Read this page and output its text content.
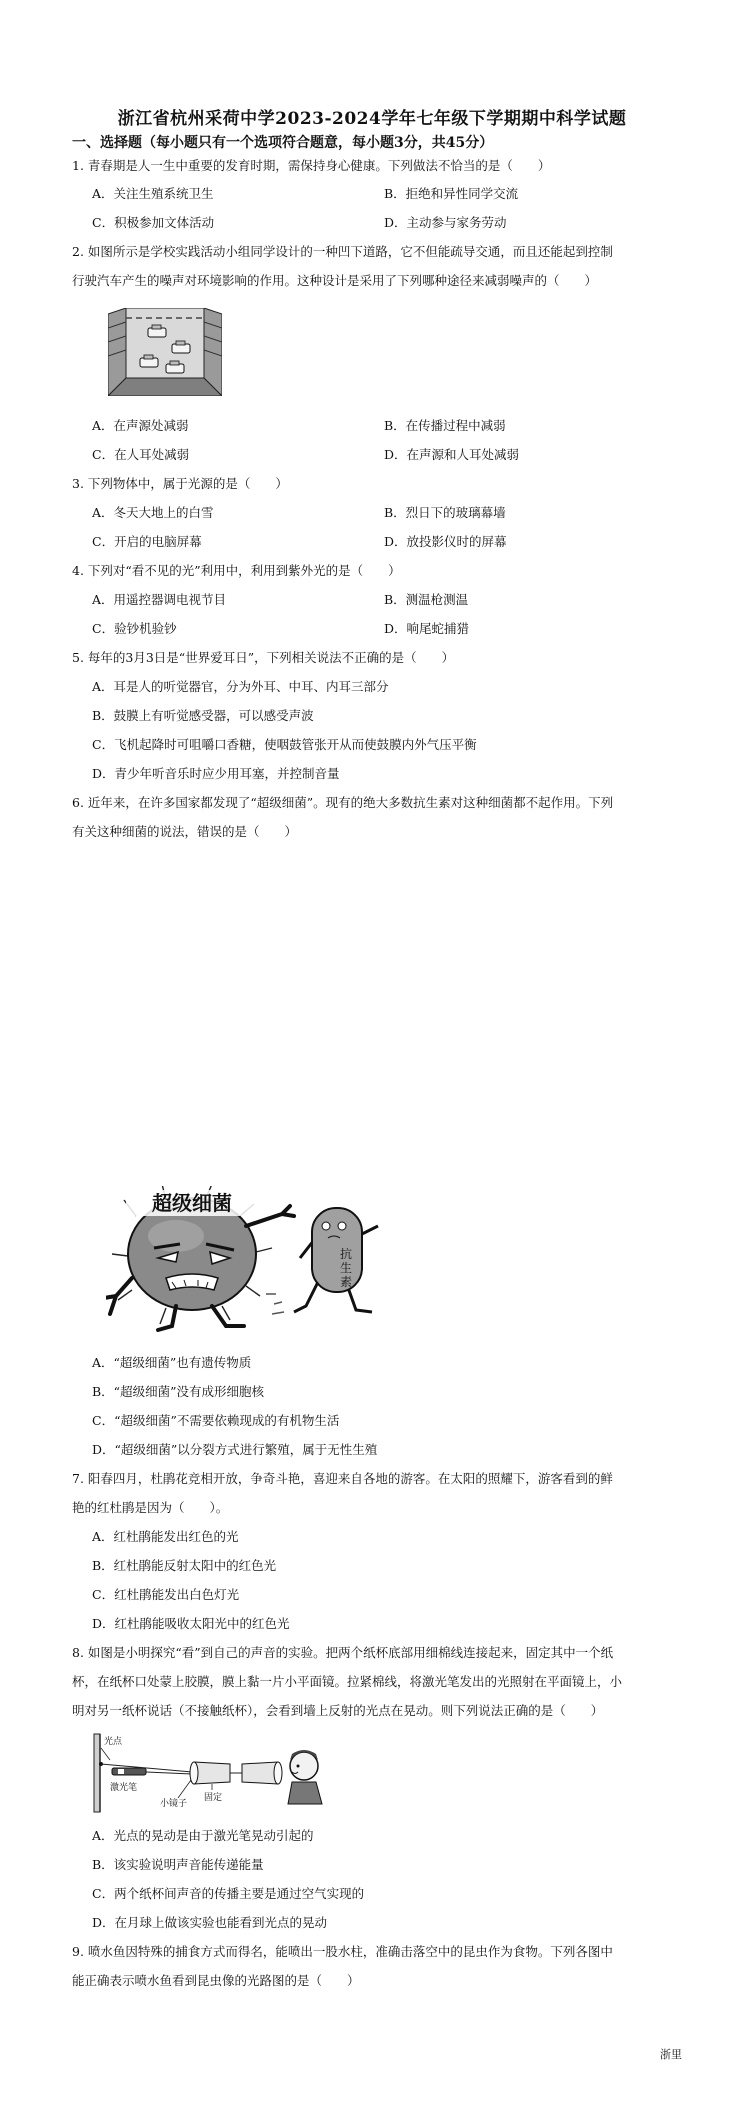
浙江省杭州采荷中学2023-2024学年七年级下学期期中科学试题
一、选择题（每小题只有一个选项符合题意，每小题3分，共45分）
1. 青春期是人一生中重要的发育时期，需保持身心健康。下列做法不恰当的是（　　）
A．关注生殖系统卫生	B．拒绝和异性同学交流
C．积极参加文体活动	D．主动参与家务劳动
2. 如图所示是学校实践活动小组同学设计的一种凹下道路，它不但能疏导交通，而且还能起到控制
行驶汽车产生的噪声对环境影响的作用。这种设计是采用了下列哪种途径来减弱噪声的（　　）
A．在声源处减弱	B．在传播过程中减弱
C．在人耳处减弱	D．在声源和人耳处减弱
3. 下列物体中，属于光源的是（　　）
A．冬天大地上的白雪	B．烈日下的玻璃幕墙
C．开启的电脑屏幕	D．放投影仪时的屏幕
4. 下列对“看不见的光”利用中，利用到紫外光的是（　　）
A．用遥控器调电视节目	B．测温枪测温
C．验钞机验钞	D．响尾蛇捕猎
5. 每年的3月3日是“世界爱耳日”，下列相关说法不正确的是（　　）
A．耳是人的听觉器官，分为外耳、中耳、内耳三部分
B．鼓膜上有听觉感受器，可以感受声波
C．飞机起降时可咀嚼口香糖，使咽鼓管张开从而使鼓膜内外气压平衡
D．青少年听音乐时应少用耳塞，并控制音量
6. 近年来，在许多国家都发现了“超级细菌”。现有的绝大多数抗生素对这种细菌都不起作用。下列
有关这种细菌的说法，错误的是（　　）
超级细菌
抗
生
素
A．“超级细菌”也有遗传物质
B．“超级细菌”没有成形细胞核
C．“超级细菌”不需要依赖现成的有机物生活
D．“超级细菌”以分裂方式进行繁殖，属于无性生殖
7. 阳春四月，杜鹃花竞相开放，争奇斗艳，喜迎来自各地的游客。在太阳的照耀下，游客看到的鲜
艳的红杜鹃是因为（　　）。
A．红杜鹃能发出红色的光
B．红杜鹃能反射太阳中的红色光
C．红杜鹃能发出白色灯光
D．红杜鹃能吸收太阳光中的红色光
8. 如图是小明探究“看”到自己的声音的实验。把两个纸杯底部用细棉线连接起来，固定其中一个纸
杯，在纸杯口处蒙上胶膜，膜上黏一片小平面镜。拉紧棉线，将激光笔发出的光照射在平面镜上，小
明对另一纸杯说话（不接触纸杯），会看到墙上反射的光点在晃动。则下列说法正确的是（　　）
光点
激光笔
小镜子
固定
A．光点的晃动是由于激光笔晃动引起的
B．该实验说明声音能传递能量
C．两个纸杯间声音的传播主要是通过空气实现的
D．在月球上做该实验也能看到光点的晃动
9. 喷水鱼因特殊的捕食方式而得名，能喷出一股水柱，准确击落空中的昆虫作为食物。下列各图中
能正确表示喷水鱼看到昆虫像的光路图的是（　　）
浙里
